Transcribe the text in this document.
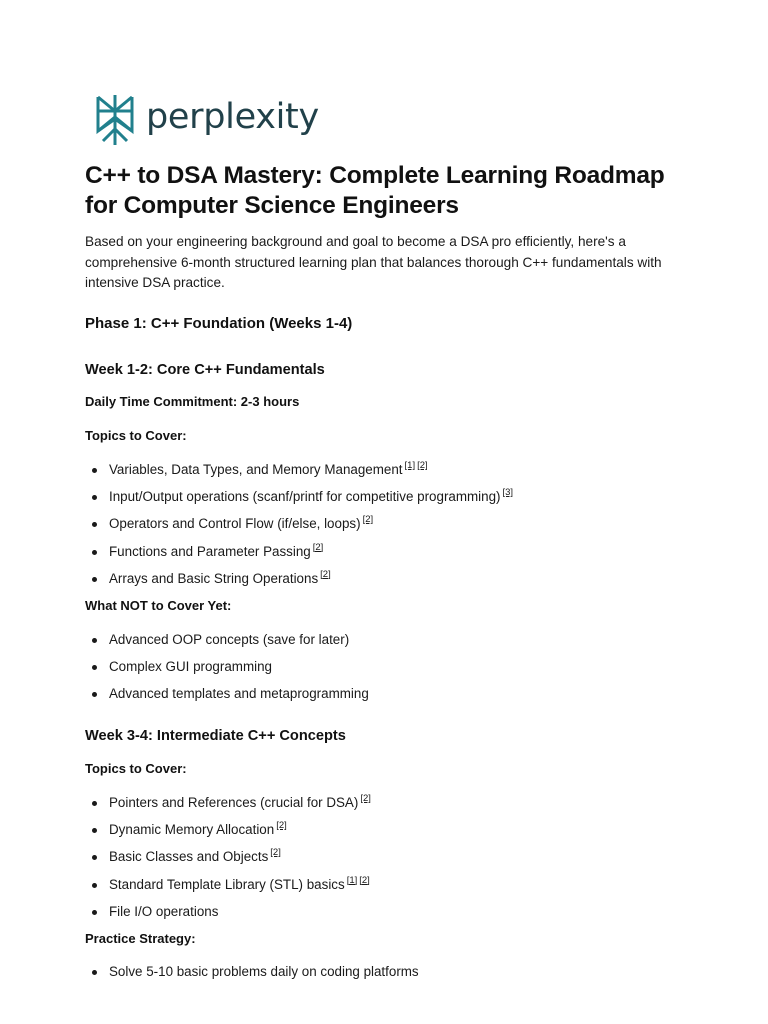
perplexity
C++ to DSA Mastery: Complete Learning Roadmap for Computer Science Engineers

Based on your engineering background and goal to become a DSA pro efficiently, here's a comprehensive 6-month structured learning plan that balances thorough C++ fundamentals with intensive DSA practice.

Phase 1: C++ Foundation (Weeks 1-4)
Week 1-2: Core C++ Fundamentals
Daily Time Commitment: 2-3 hours
Topics to Cover:
Variables, Data Types, and Memory Management [1] [2]
Input/Output operations (scanf/printf for competitive programming) [3]
Operators and Control Flow (if/else, loops) [2]
Functions and Parameter Passing [2]
Arrays and Basic String Operations [2]
What NOT to Cover Yet:
Advanced OOP concepts (save for later)
Complex GUI programming
Advanced templates and metaprogramming
Week 3-4: Intermediate C++ Concepts
Topics to Cover:
Pointers and References (crucial for DSA) [2]
Dynamic Memory Allocation [2]
Basic Classes and Objects [2]
Standard Template Library (STL) basics [1] [2]
File I/O operations
Practice Strategy:
Solve 5-10 basic problems daily on coding platforms
